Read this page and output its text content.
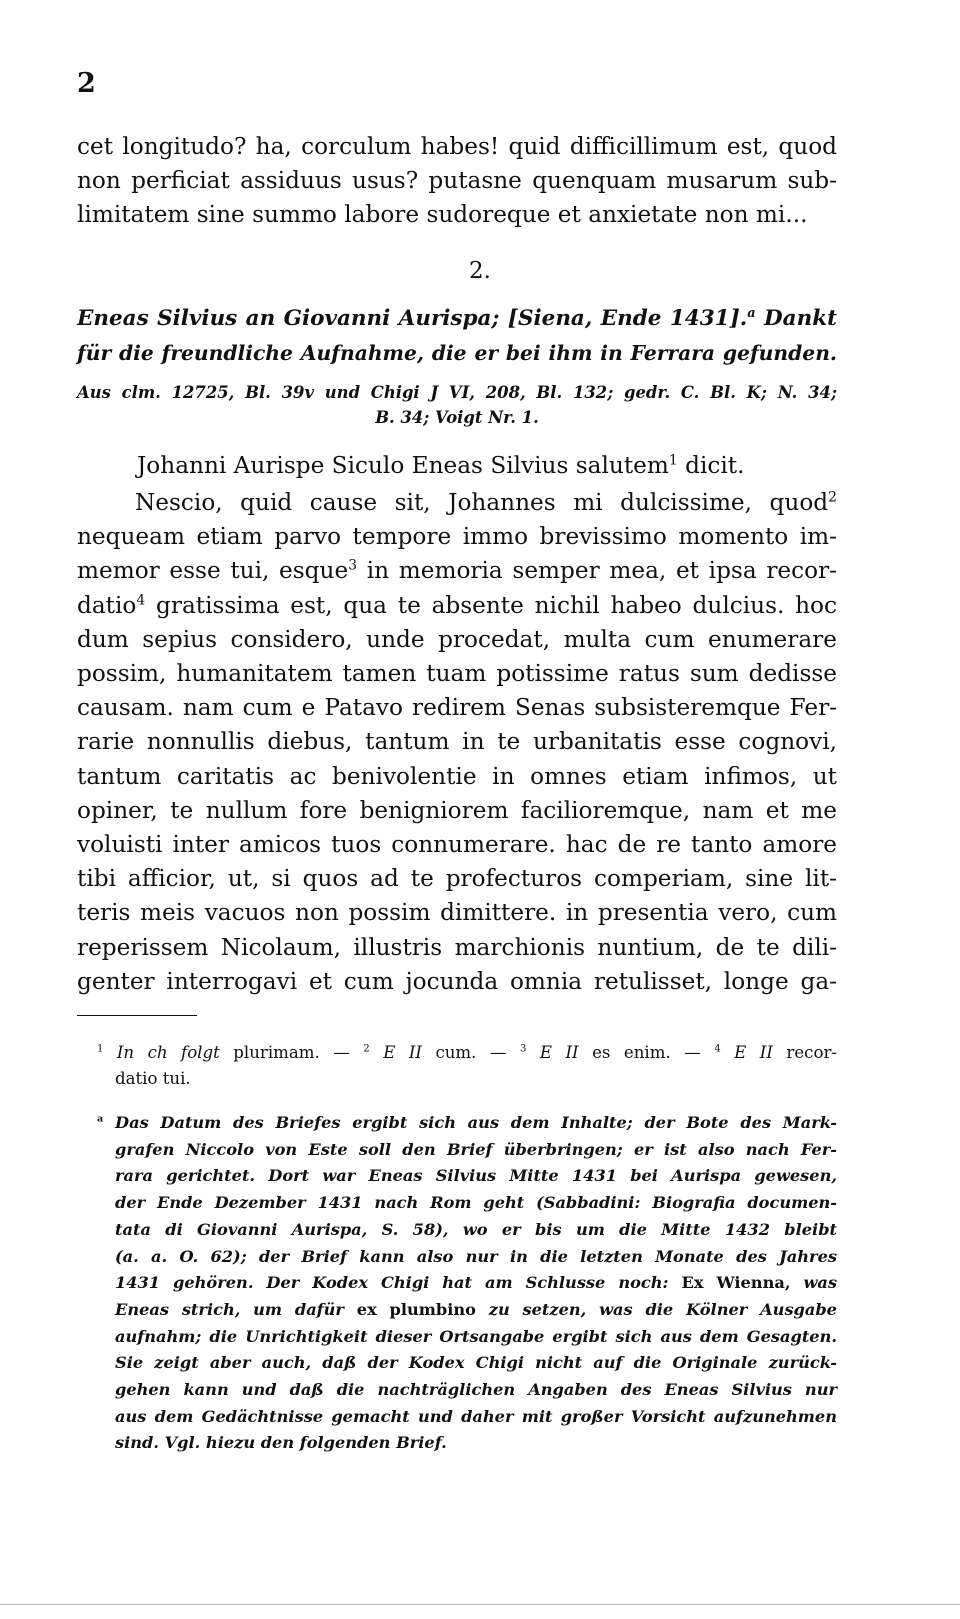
2
cet longitudo? ha, corculum habes! quid difficillimum est, quod
non perficiat assiduus usus? putasne quenquam musarum sub-
limitatem sine summo labore sudoreque et anxietate non mi...
2.
Eneas Silvius an Giovanni Aurispa; [Siena, Ende 1431].$^a$ Dankt
für die freundliche Aufnahme, die er bei ihm in Ferrara gefunden.
Aus clm. 12725, Bl. 39v und Chigi J VI, 208, Bl. 132; gedr. C. Bl. K; N. 34;
B. 34; Voigt Nr. 1.
Johanni Aurispe Siculo Eneas Silvius salutem$^1$ dicit.
Nescio, quid cause sit, Johannes mi dulcissime, quod$^2$
nequeam etiam parvo tempore immo brevissimo momento im-
memor esse tui, esque$^3$ in memoria semper mea, et ipsa recor-
datio$^4$ gratissima est, qua te absente nichil habeo dulcius. hoc
dum sepius considero, unde procedat, multa cum enumerare
possim, humanitatem tamen tuam potissime ratus sum dedisse
causam. nam cum e Patavo redirem Senas subsisteremque Fer-
rarie nonnullis diebus, tantum in te urbanitatis esse cognovi,
tantum caritatis ac benivolentie in omnes etiam infimos, ut
opiner, te nullum fore benigniorem facilioremque, nam et me
voluisti inter amicos tuos connumerare. hac de re tanto amore
tibi afficior, ut, si quos ad te profecturos comperiam, sine lit-
teris meis vacuos non possim dimittere. in presentia vero, cum
reperissem Nicolaum, illustris marchionis nuntium, de te dili-
genter interrogavi et cum jocunda omnia retulisset, longe ga-
$^1$ In ch folgt plurimam. — $^2$ E II cum. — $^3$ E II es enim. — $^4$ E II recor-
datio tui.
$^a$ Das Datum des Briefes ergibt sich aus dem Inhalte; der Bote des Mark-
grafen Niccolo von Este soll den Brief überbringen; er ist also nach Fer-
rara gerichtet. Dort war Eneas Silvius Mitte 1431 bei Aurispa gewesen,
der Ende Dezember 1431 nach Rom geht (Sabbadini: Biografia documen-
tata di Giovanni Aurispa, S. 58), wo er bis um die Mitte 1432 bleibt
(a. a. O. 62); der Brief kann also nur in die letzten Monate des Jahres
1431 gehören. Der Kodex Chigi hat am Schlusse noch: Ex Wienna, was
Eneas strich, um dafür ex plumbino zu setzen, was die Kölner Ausgabe
aufnahm; die Unrichtigkeit dieser Ortsangabe ergibt sich aus dem Gesagten.
Sie zeigt aber auch, daß der Kodex Chigi nicht auf die Originale zurück-
gehen kann und daß die nachträglichen Angaben des Eneas Silvius nur
aus dem Gedächtnisse gemacht und daher mit großer Vorsicht aufzunehmen
sind. Vgl. hiezu den folgenden Brief.
